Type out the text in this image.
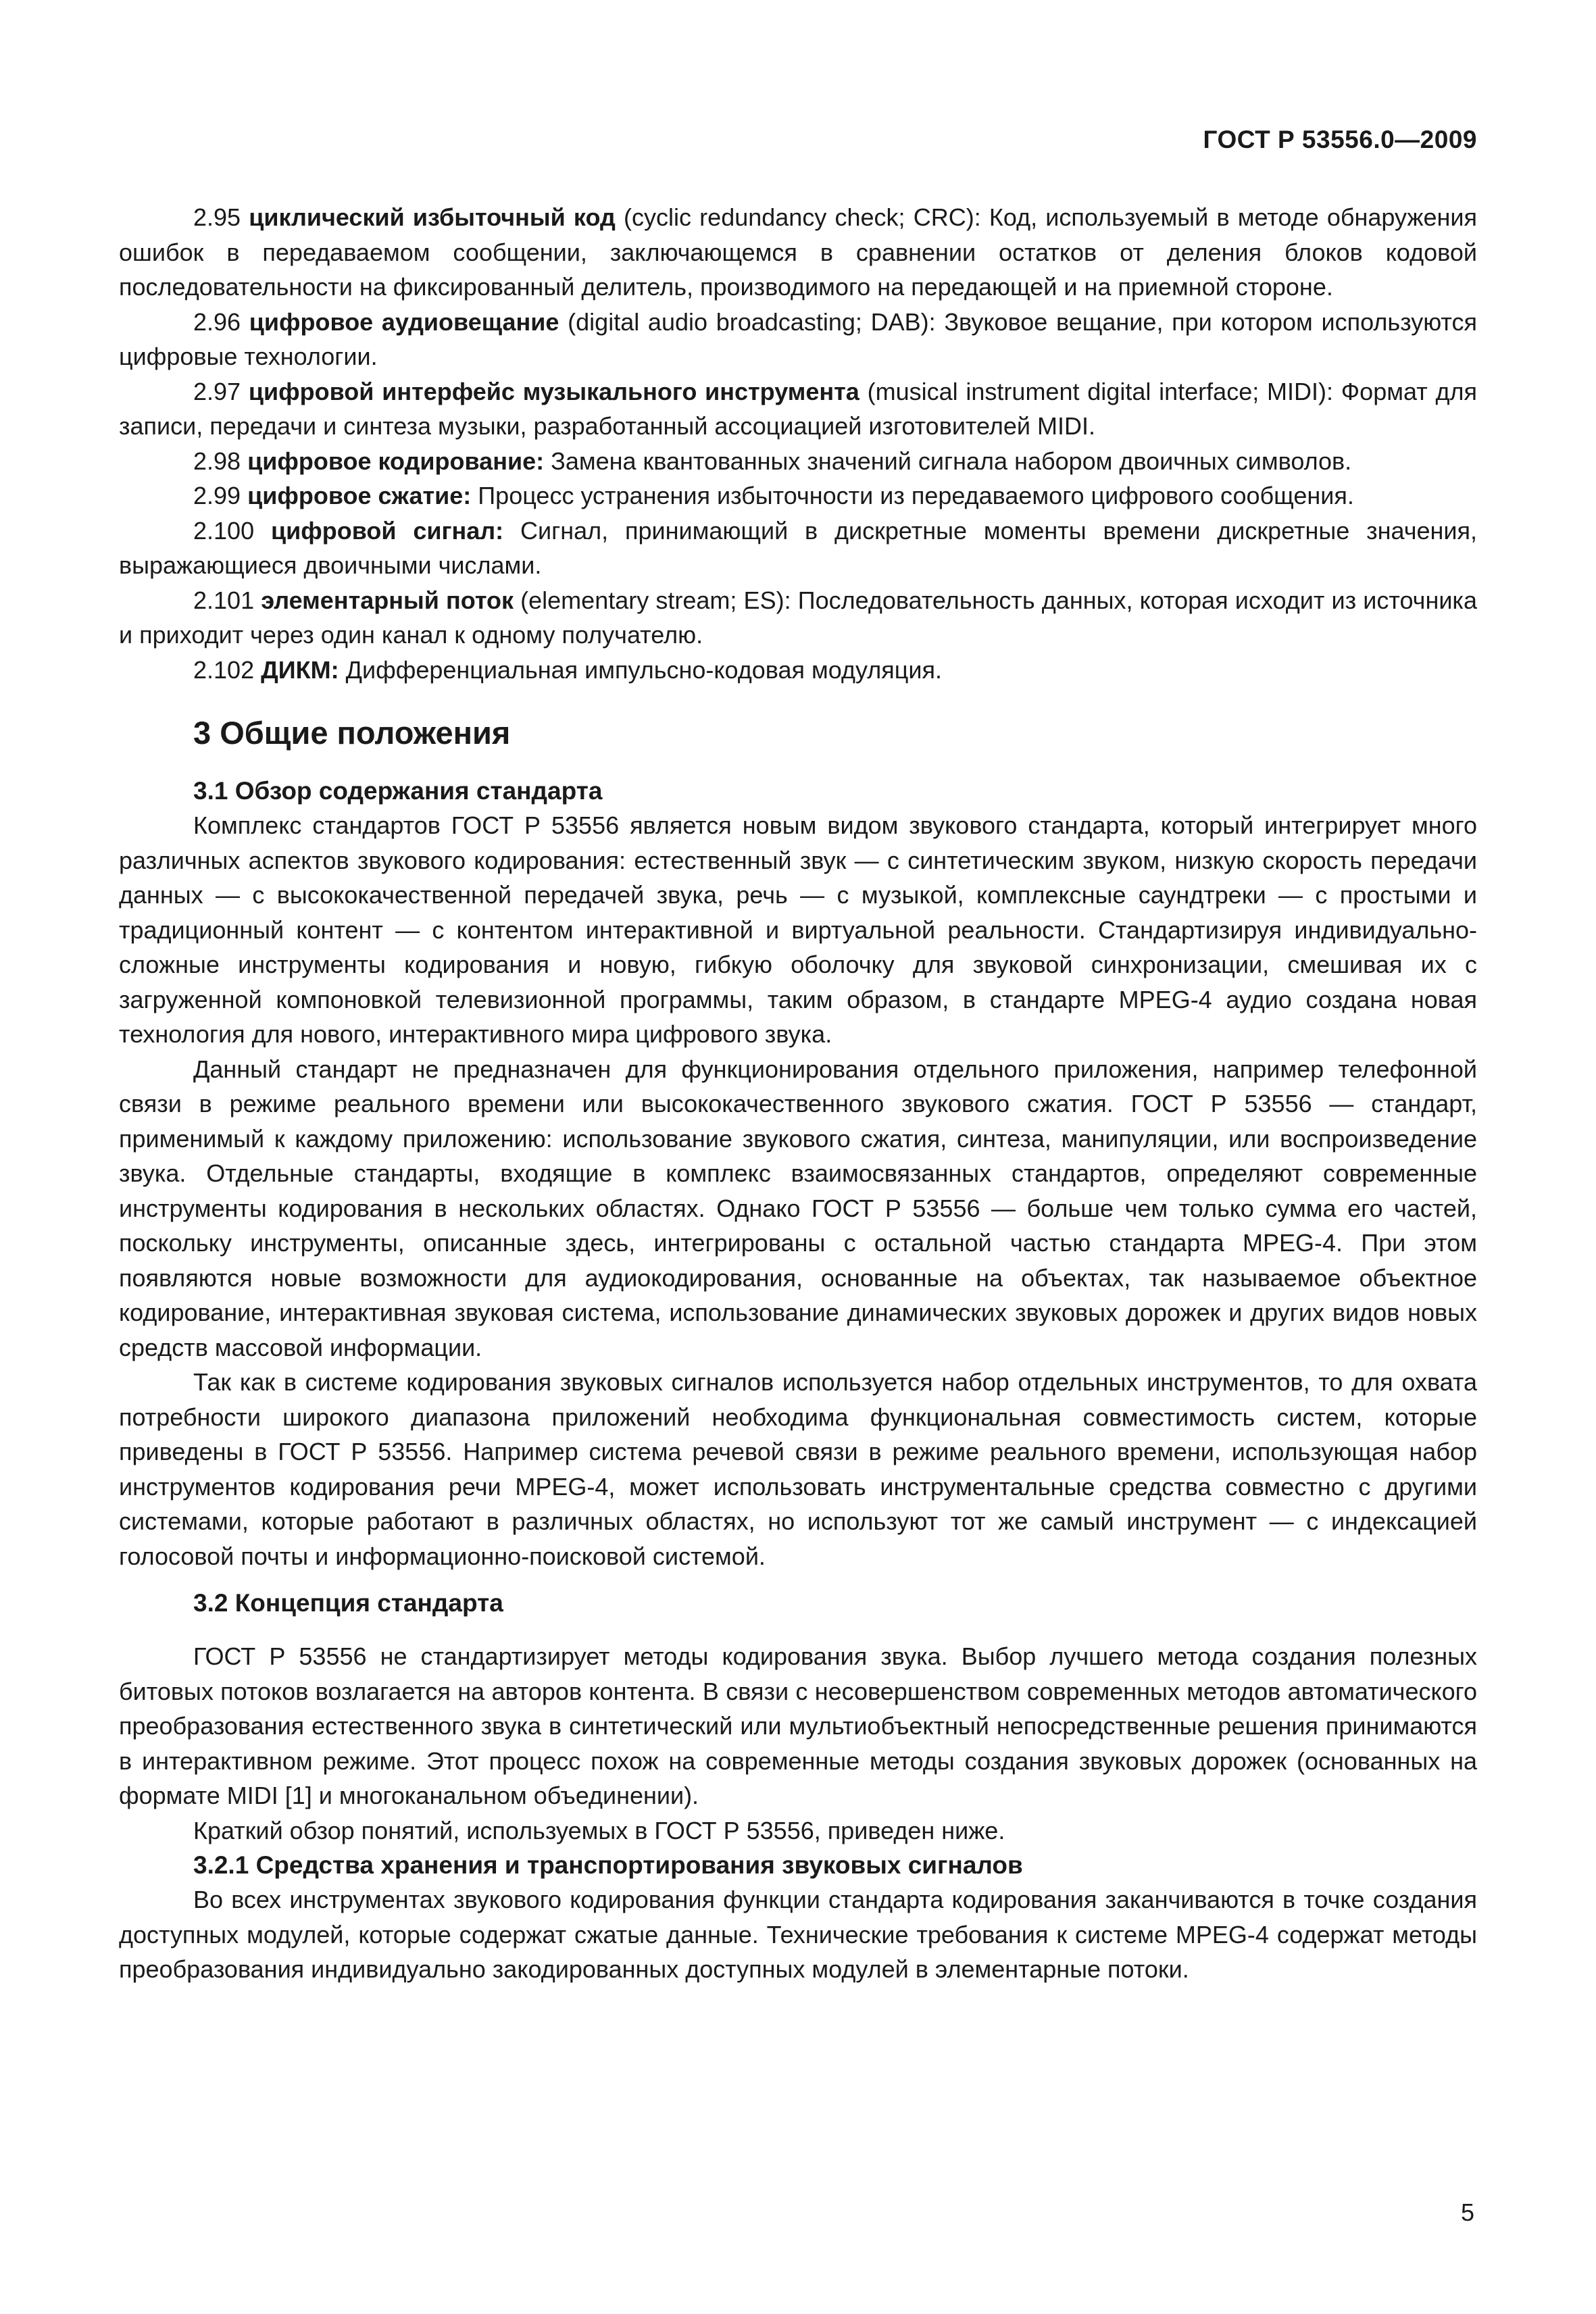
ГОСТ Р 53556.0—2009

2.95 циклический избыточный код (cyclic redundancy check; CRC): Код, используемый в методе обнаружения ошибок в передаваемом сообщении, заключающемся в сравнении остатков от деления блоков кодовой последовательности на фиксированный делитель, производимого на передающей и на приемной стороне.

2.96 цифровое аудиовещание (digital audio broadcasting; DAB): Звуковое вещание, при котором используются цифровые технологии.

2.97 цифровой интерфейс музыкального инструмента (musical instrument digital interface; MIDI): Формат для записи, передачи и синтеза музыки, разработанный ассоциацией изготовителей MIDI.

2.98 цифровое кодирование: Замена квантованных значений сигнала набором двоичных символов.

2.99 цифровое сжатие: Процесс устранения избыточности из передаваемого цифрового сообщения.

2.100 цифровой сигнал: Сигнал, принимающий в дискретные моменты времени дискретные значения, выражающиеся двоичными числами.

2.101 элементарный поток (elementary stream; ES): Последовательность данных, которая исходит из источника и приходит через один канал к одному получателю.

2.102 ДИКМ: Дифференциальная импульсно-кодовая модуляция.

3 Общие положения
3.1 Обзор содержания стандарта

Комплекс стандартов ГОСТ Р 53556 является новым видом звукового стандарта, который интегрирует много различных аспектов звукового кодирования: естественный звук — с синтетическим звуком, низкую скорость передачи данных — с высококачественной передачей звука, речь — с музыкой, комплексные саундтреки — с простыми и традиционный контент — с контентом интерактивной и виртуальной реальности. Стандартизируя индивидуально-сложные инструменты кодирования и новую, гибкую оболочку для звуковой синхронизации, смешивая их с загруженной компоновкой телевизионной программы, таким образом, в стандарте MPEG-4 аудио создана новая технология для нового, интерактивного мира цифрового звука.

Данный стандарт не предназначен для функционирования отдельного приложения, например телефонной связи в режиме реального времени или высококачественного звукового сжатия. ГОСТ Р 53556 — стандарт, применимый к каждому приложению: использование звукового сжатия, синтеза, манипуляции, или воспроизведение звука. Отдельные стандарты, входящие в комплекс взаимосвязанных стандартов, определяют современные инструменты кодирования в нескольких областях. Однако ГОСТ Р 53556 — больше чем только сумма его частей, поскольку инструменты, описанные здесь, интегрированы с остальной частью стандарта MPEG-4. При этом появляются новые возможности для аудиокодирования, основанные на объектах, так называемое объектное кодирование, интерактивная звуковая система, использование динамических звуковых дорожек и других видов новых средств массовой информации.

Так как в системе кодирования звуковых сигналов используется набор отдельных инструментов, то для охвата потребности широкого диапазона приложений необходима функциональная совместимость систем, которые приведены в ГОСТ Р 53556. Например система речевой связи в режиме реального времени, использующая набор инструментов кодирования речи MPEG-4, может использовать инструментальные средства совместно с другими системами, которые работают в различных областях, но используют тот же самый инструмент — с индексацией голосовой почты и информационно-поисковой системой.

3.2 Концепция стандарта

ГОСТ Р 53556 не стандартизирует методы кодирования звука. Выбор лучшего метода создания полезных битовых потоков возлагается на авторов контента. В связи с несовершенством современных методов автоматического преобразования естественного звука в синтетический или мультиобъектный непосредственные решения принимаются в интерактивном режиме. Этот процесс похож на современные методы создания звуковых дорожек (основанных на формате MIDI [1] и многоканальном объединении).

Краткий обзор понятий, используемых в ГОСТ Р 53556, приведен ниже.

3.2.1 Средства хранения и транспортирования звуковых сигналов

Во всех инструментах звукового кодирования функции стандарта кодирования заканчиваются в точке создания доступных модулей, которые содержат сжатые данные. Технические требования к системе MPEG-4 содержат методы преобразования индивидуально закодированных доступных модулей в элементарные потоки.

5
